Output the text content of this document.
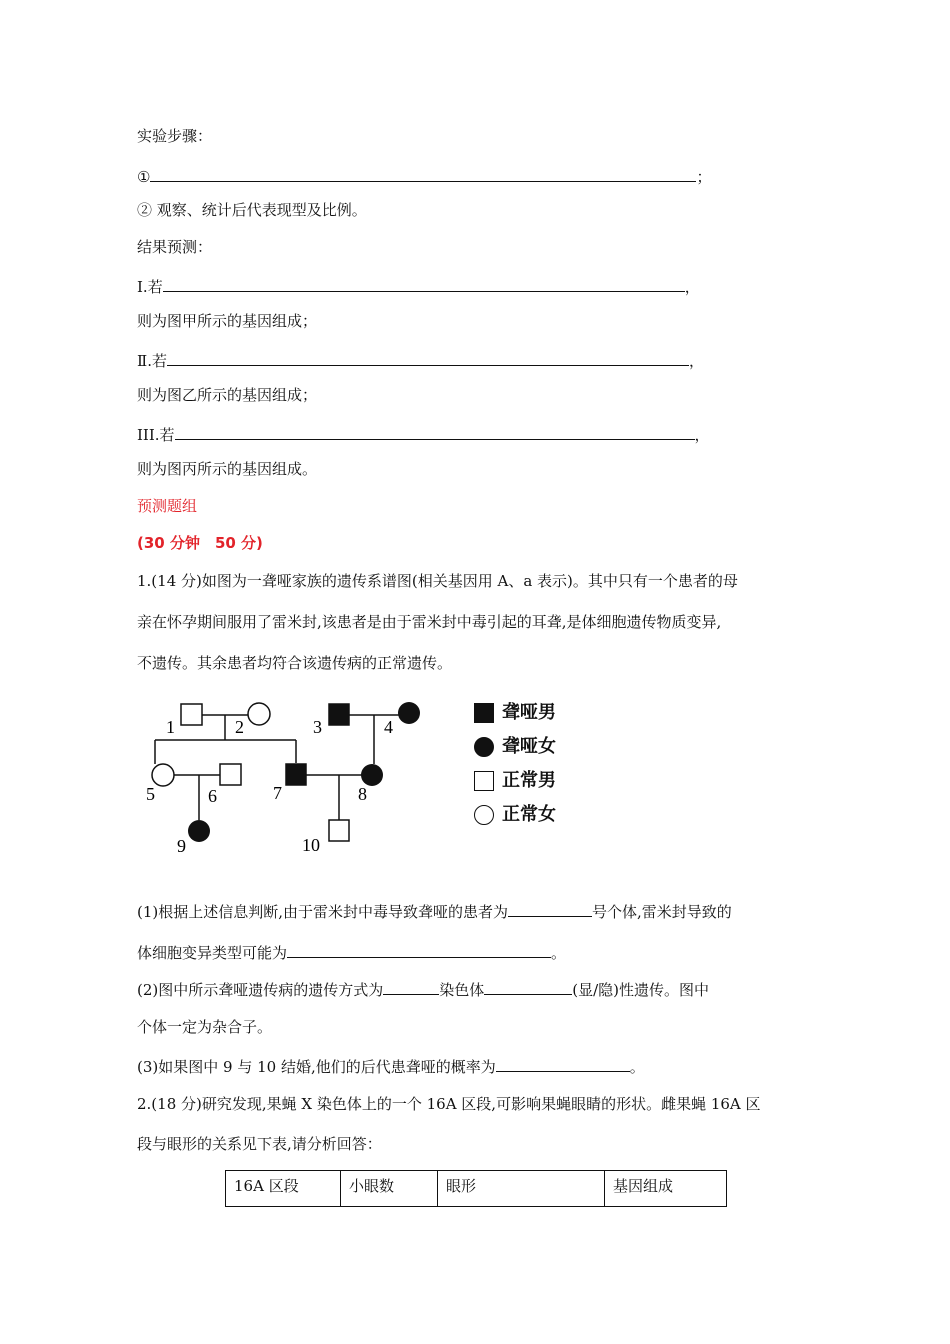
实验步骤：
①	；
② 观察、统计后代表现型及比例。
结果预测：
Ⅰ.若	，
则为图甲所示的基因组成；
Ⅱ.若	，
则为图乙所示的基因组成；
III.若	，
则为图丙所示的基因组成。
预测题组
(30 分钟　50 分)
1.(14 分)如图为一聋哑家族的遗传系谱图(相关基因用 A、a 表示)。其中只有一个患者的母
亲在怀孕期间服用了雷米封,该患者是由于雷米封中毒引起的耳聋,是体细胞遗传物质变异,
不遗传。其余患者均符合该遗传病的正常遗传。
1	2	3	4
5	6	7	8
9	10
聋哑男
聋哑女
正常男
正常女
(1)根据上述信息判断,由于雷米封中毒导致聋哑的患者为	号个体,雷米封导致的
体细胞变异类型可能为	。
(2)图中所示聋哑遗传病的遗传方式为	染色体	(显/隐)性遗传。图中
个体一定为杂合子。
(3)如果图中 9 与 10 结婚,他们的后代患聋哑的概率为	。
2.(18 分)研究发现,果蝇 X 染色体上的一个 16A 区段,可影响果蝇眼睛的形状。雌果蝇 16A 区
段与眼形的关系见下表,请分析回答：
16A 区段	小眼数	眼形	基因组成
